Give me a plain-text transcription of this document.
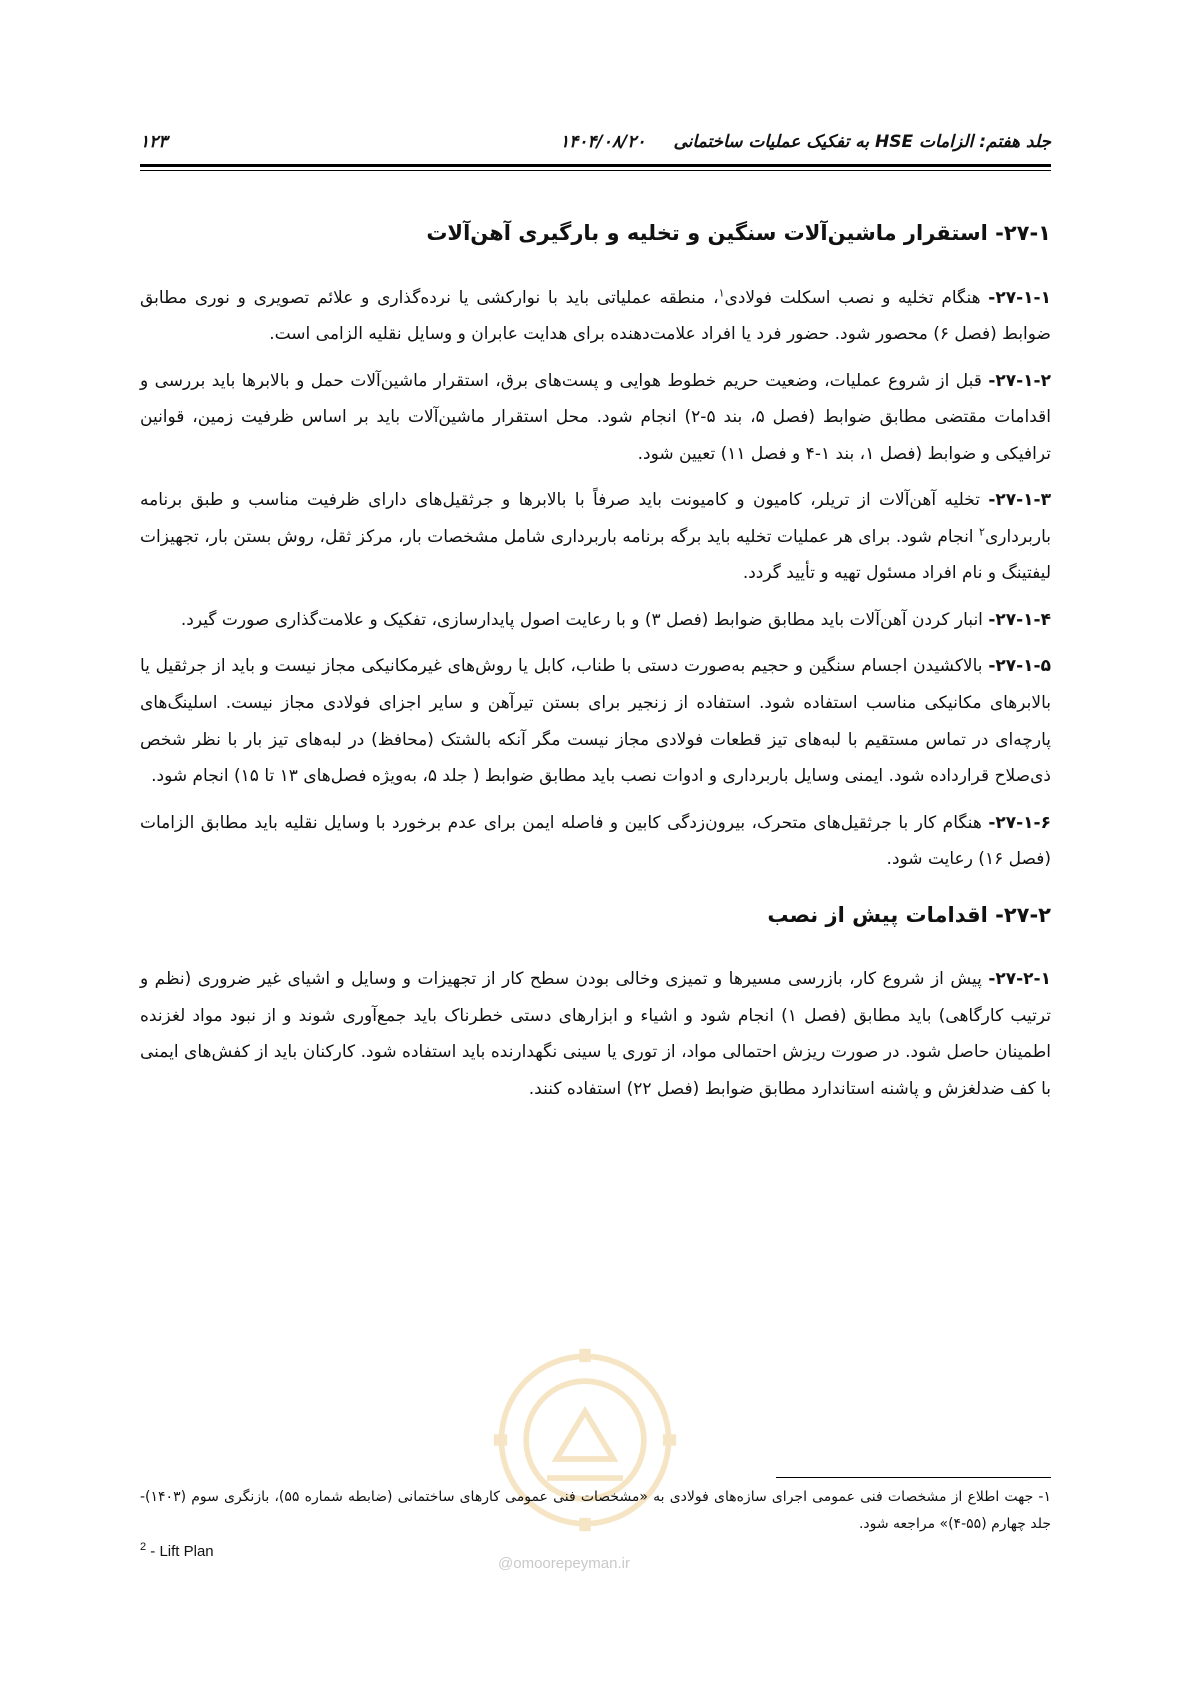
جلد هفتم: الزامات HSE به تفکیک عملیات ساختمانی
۱۴۰۴/۰۸/۲۰
۱۲۳
۲۷-۱- استقرار ماشین‌آلات سنگین و تخلیه و بارگیری آهن‌آلات

۲۷-۱-۱- هنگام تخلیه و نصب اسکلت فولادی$^۱$، منطقه عملیاتی باید با نوارکشی یا نرده‌گذاری و علائم تصویری و نوری مطابق ضوابط (فصل ۶) محصور شود. حضور فرد یا افراد علامت‌دهنده برای هدایت عابران و وسایل نقلیه الزامی است.

۲۷-۱-۲- قبل از شروع عملیات، وضعیت حریم خطوط هوایی و پست‌های برق، استقرار ماشین‌آلات حمل و بالابرها باید بررسی و اقدامات مقتضی مطابق ضوابط (فصل ۵، بند ۵-۲) انجام شود. محل استقرار ماشین‌آلات باید بر اساس ظرفیت زمین، قوانین ترافیکی و ضوابط (فصل ۱، بند ۱-۴ و فصل ۱۱) تعیین شود.

۲۷-۱-۳- تخلیه آهن‌آلات از تریلر، کامیون و کامیونت باید صرفاً با بالابرها و جرثقیل‌های دارای ظرفیت مناسب و طبق برنامه باربرداری$^۲$ انجام شود. برای هر عملیات تخلیه باید برگه برنامه باربرداری شامل مشخصات بار، مرکز ثقل، روش بستن بار، تجهیزات لیفتینگ و نام افراد مسئول تهیه و تأیید گردد.

۲۷-۱-۴- انبار کردن آهن‌آلات باید مطابق ضوابط (فصل ۳) و با رعایت اصول پایدارسازی، تفکیک و علامت‌گذاری صورت گیرد.

۲۷-۱-۵- بالاکشیدن اجسام سنگین و حجیم به‌صورت دستی با طناب، کابل یا روش‌های غیرمکانیکی مجاز نیست و باید از جرثقیل یا بالابرهای مکانیکی مناسب استفاده شود. استفاده از زنجیر برای بستن تیرآهن و سایر اجزای فولادی مجاز نیست. اسلینگ‌های پارچه‌ای در تماس مستقیم با لبه‌های تیز قطعات فولادی مجاز نیست مگر آنکه بالشتک (محافظ) در لبه‌های تیز بار با نظر شخص ذی‌صلاح قرارداده شود. ایمنی وسایل باربرداری و ادوات نصب باید مطابق ضوابط ( جلد ۵، به‌ویژه فصل‌های ۱۳ تا ۱۵) انجام شود.

۲۷-۱-۶- هنگام کار با جرثقیل‌های متحرک، بیرون‌زدگی کابین و فاصله ایمن برای عدم برخورد با وسایل نقلیه باید مطابق الزامات (فصل ۱۶) رعایت شود.

۲۷-۲- اقدامات پیش از نصب

۲۷-۲-۱- پیش از شروع کار، بازرسی مسیرها و تمیزی وخالی بودن سطح کار از تجهیزات و وسایل و اشیای غیر ضروری (نظم و ترتیب کارگاهی) باید مطابق (فصل ۱) انجام شود و اشیاء و ابزارهای دستی خطرناک باید جمع‌آوری شوند و از نبود مواد لغزنده اطمینان حاصل شود. در صورت ریزش احتمالی مواد، از توری یا سینی نگهدارنده باید استفاده شود. کارکنان باید از کفش‌های ایمنی با کف ضدلغزش و پاشنه استاندارد مطابق ضوابط (فصل ۲۲) استفاده کنند.

۱- جهت اطلاع از مشخصات فنی عمومی اجرای سازه‌های فولادی به «مشخصات فنی عمومی کارهای ساختمانی (ضابطه شماره ۵۵)، بازنگری سوم (۱۴۰۳)- جلد چهارم (۵۵-۴)» مراجعه شود.
$^2$ - Lift Plan
@omoorepeyman.ir
